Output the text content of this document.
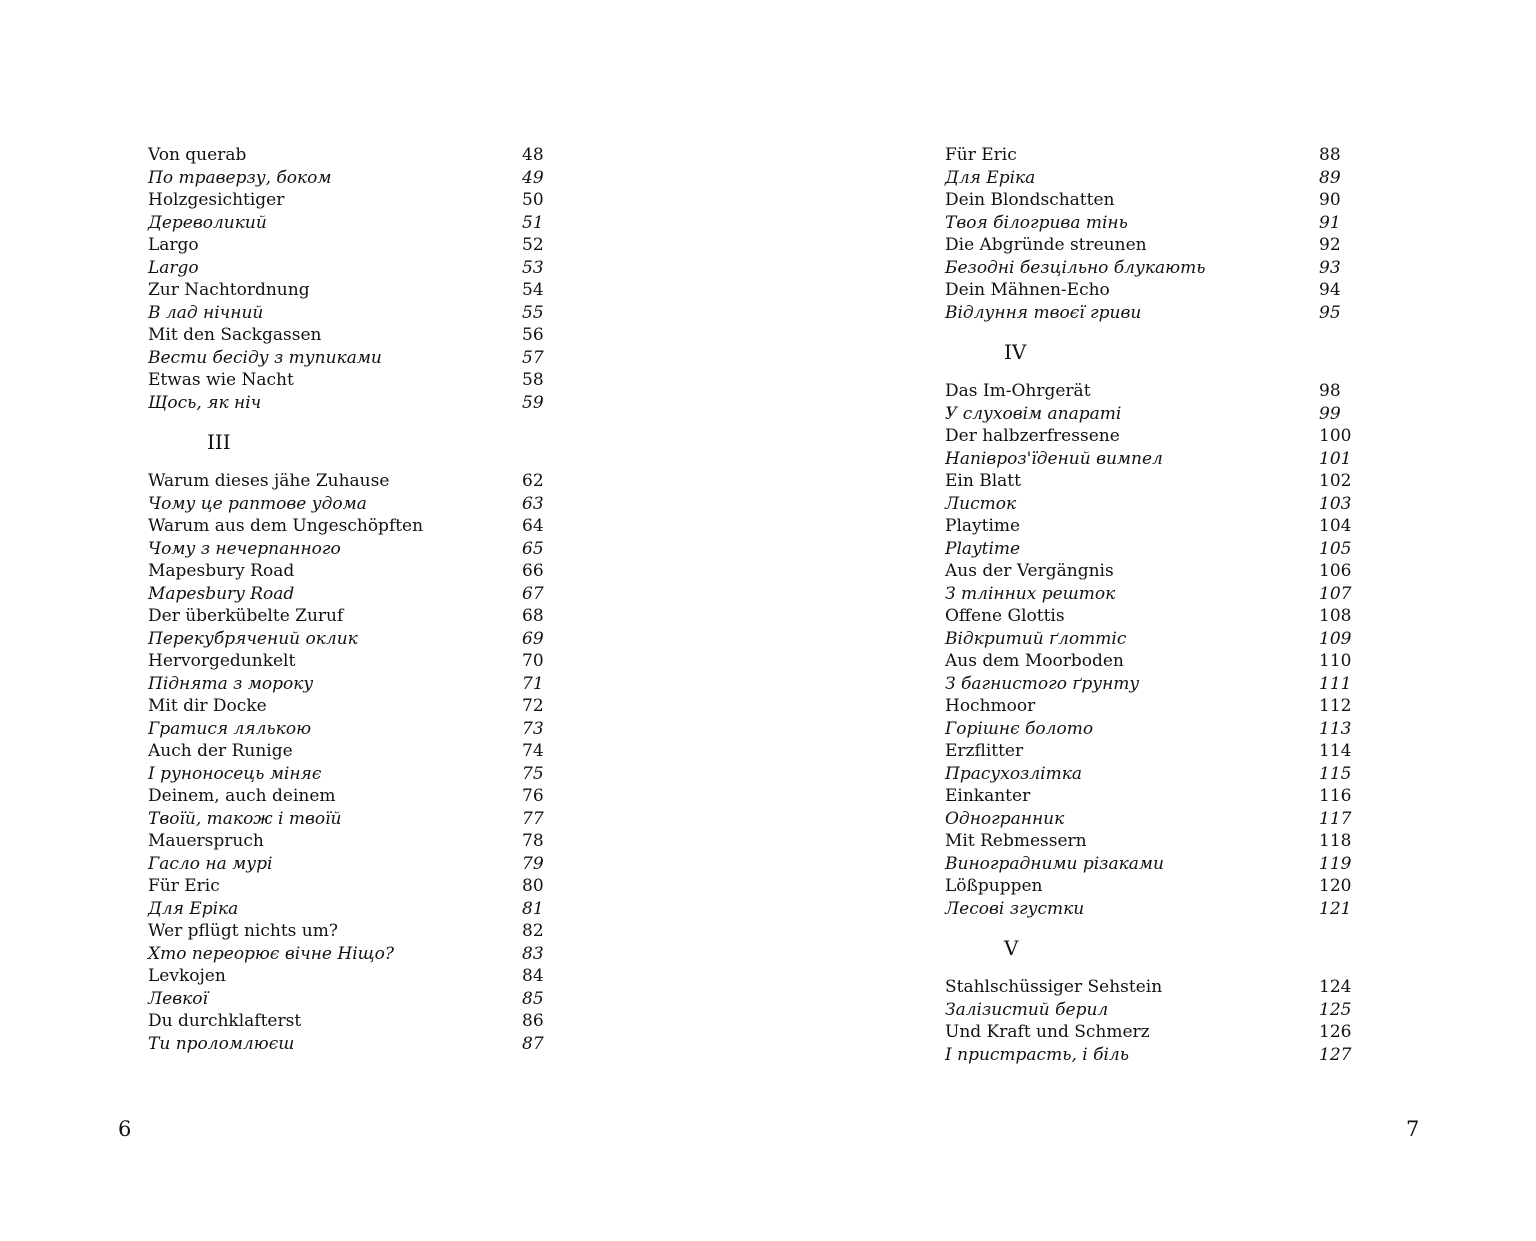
Von querab	48
По траверзу, боком	49
Holzgesichtiger	50
Дереволикий	51
Largo	52
Largo	53
Zur Nachtordnung	54
В лад нічний	55
Mit den Sackgassen	56
Вести бесіду з тупиками	57
Etwas wie Nacht	58
Щось, як ніч	59
III
Warum dieses jähe Zuhause	62
Чому це раптове удома	63
Warum aus dem Ungeschöpften	64
Чому з нечерпанного	65
Mapesbury Road	66
Mapesbury Road	67
Der überkübelte Zuruf	68
Перекубрячений оклик	69
Hervorgedunkelt	70
Піднята з мороку	71
Mit dir Docke	72
Гратися лялькою	73
Auch der Runige	74
І руноносець міняє	75
Deinem, auch deinem	76
Твоїй, також і твоїй	77
Mauerspruch	78
Гасло на мурі	79
Für Eric	80
Для Еріка	81
Wer pflügt nichts um?	82
Хто переорює вічне Ніщо?	83
Levkojen	84
Левкої	85
Du durchklafterst	86
Ти проломлюєш	87
6
Für Eric	88
Для Еріка	89
Dein Blondschatten	90
Твоя білогрива тінь	91
Die Abgründe streunen	92
Безодні безцільно блукають	93
Dein Mähnen-Echo	94
Відлуння твоєї гриви	95
IV
Das Im-Ohrgerät	98
У слуховім апараті	99
Der halbzerfressene	100
Напівроз'їдений вимпел	101
Ein Blatt	102
Листок	103
Playtime	104
Playtime	105
Aus der Vergängnis	106
З тлінних решток	107
Offene Glottis	108
Відкритий ґлоттіс	109
Aus dem Moorboden	110
З багнистого ґрунту	111
Hochmoor	112
Горішнє болото	113
Erzflitter	114
Прасухозлітка	115
Einkanter	116
Одногранник	117
Mit Rebmessern	118
Виноградними різаками	119
Lößpuppen	120
Лесові згустки	121
V
Stahlschüssiger Sehstein	124
Залізистий берил	125
Und Kraft und Schmerz	126
І пристрасть, і біль	127
7
